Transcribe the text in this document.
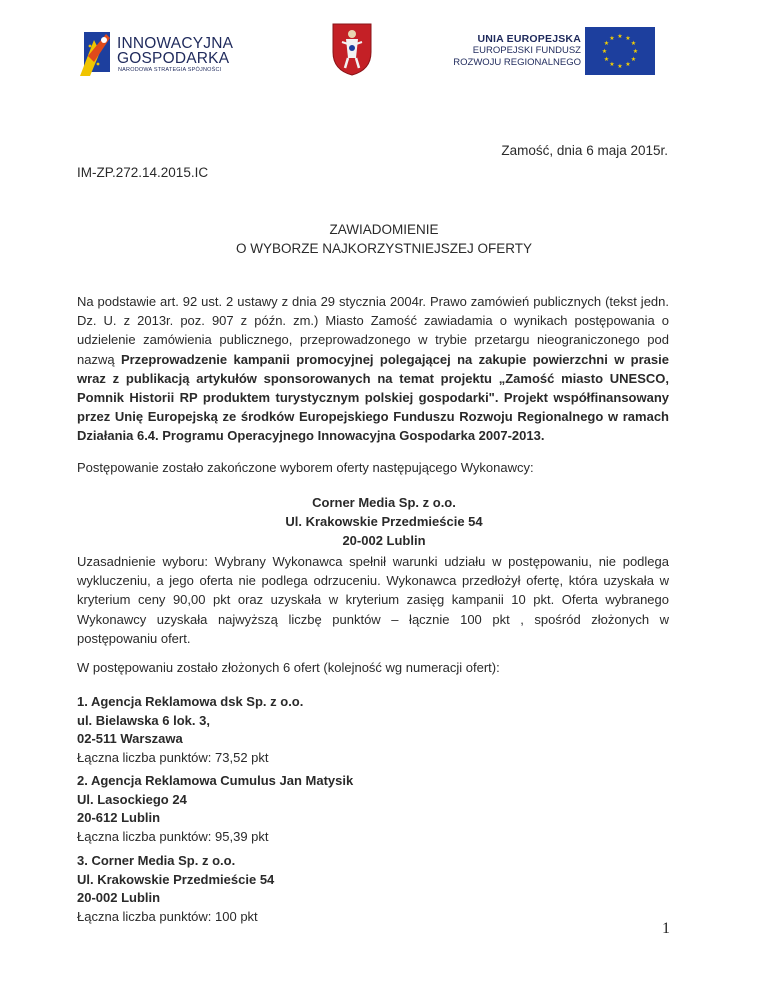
INNOWACYJNA
GOSPODARKA
NARODOWA STRATEGIA SPÓJNOŚCI
UNIA EUROPEJSKA
EUROPEJSKI FUNDUSZ
ROZWOJU REGIONALNEGO
★ ★
★
★
★
★
★
★
★
★
★
★
Zamość, dnia 6 maja 2015r.
IM-ZP.272.14.2015.IC
ZAWIADOMIENIE
O WYBORZE NAJKORZYSTNIEJSZEJ OFERTY
Na podstawie art. 92 ust. 2 ustawy z dnia 29 stycznia 2004r. Prawo zamówień publicznych (tekst jedn. Dz. U. z 2013r. poz. 907 z późn. zm.) Miasto Zamość zawiadamia o wynikach postępowania o udzielenie zamówienia publicznego, przeprowadzonego w trybie przetargu nieograniczonego pod nazwą Przeprowadzenie kampanii promocyjnej polegającej na zakupie powierzchni w prasie wraz z publikacją artykułów sponsorowanych na temat projektu „Zamość miasto UNESCO, Pomnik Historii RP produktem turystycznym polskiej gospodarki". Projekt współfinansowany przez Unię Europejską ze środków Europejskiego Funduszu Rozwoju Regionalnego w ramach Działania 6.4. Programu Operacyjnego Innowacyjna Gospodarka 2007-2013.
Postępowanie zostało zakończone wyborem oferty następującego Wykonawcy:
Corner Media Sp. z o.o.
Ul. Krakowskie Przedmieście 54
20-002 Lublin
Uzasadnienie wyboru: Wybrany Wykonawca spełnił warunki udziału w postępowaniu, nie podlega wykluczeniu, a jego oferta nie podlega odrzuceniu. Wykonawca przedłożył ofertę, która uzyskała w kryterium ceny 90,00 pkt oraz uzyskała w kryterium zasięg kampanii 10 pkt. Oferta wybranego Wykonawcy uzyskała najwyższą liczbę punktów – łącznie 100 pkt , spośród złożonych w postępowaniu ofert.
W postępowaniu zostało złożonych 6 ofert (kolejność wg numeracji ofert):
1. Agencja Reklamowa dsk Sp. z o.o.
ul. Bielawska 6 lok. 3,
02-511 Warszawa
Łączna liczba punktów: 73,52 pkt
2. Agencja Reklamowa Cumulus Jan Matysik
Ul. Lasockiego 24
20-612 Lublin
Łączna liczba punktów: 95,39 pkt
3. Corner Media Sp. z o.o.
Ul. Krakowskie Przedmieście 54
20-002 Lublin
Łączna liczba punktów: 100 pkt
1
